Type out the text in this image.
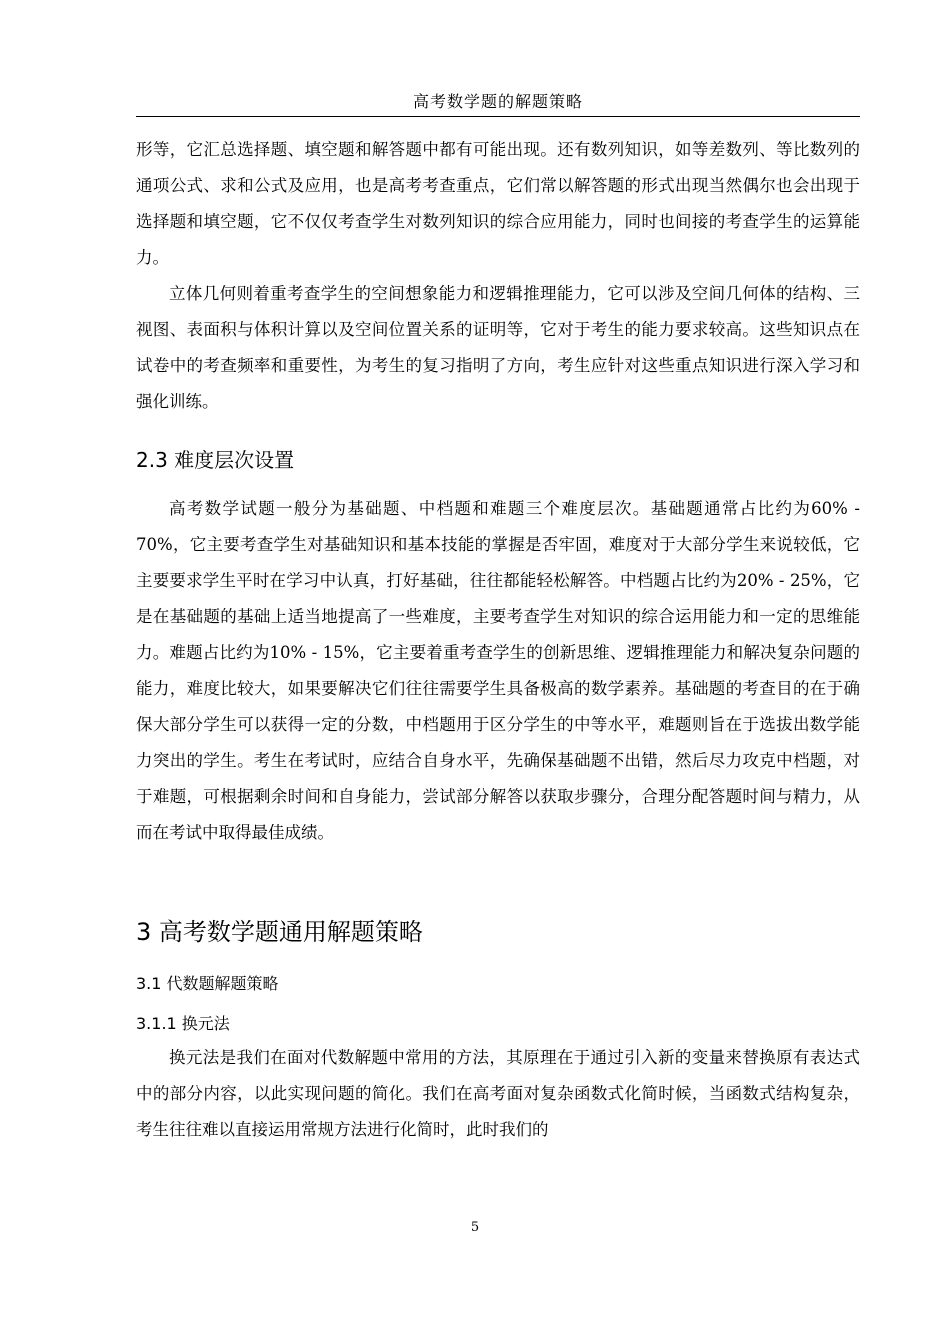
高考数学题的解题策略

形等，它汇总选择题、填空题和解答题中都有可能出现。还有数列知识，如等差数列、等比数列的通项公式、求和公式及应用，也是高考考查重点，它们常以解答题的形式出现当然偶尔也会出现于选择题和填空题，它不仅仅考查学生对数列知识的综合应用能力，同时也间接的考查学生的运算能力。

立体几何则着重考查学生的空间想象能力和逻辑推理能力，它可以涉及空间几何体的结构、三视图、表面积与体积计算以及空间位置关系的证明等，它对于考生的能力要求较高。这些知识点在试卷中的考查频率和重要性，为考生的复习指明了方向，考生应针对这些重点知识进行深入学习和强化训练。

2.3 难度层次设置

高考数学试题一般分为基础题、中档题和难题三个难度层次。基础题通常占比约为60% - 70%，它主要考查学生对基础知识和基本技能的掌握是否牢固，难度对于大部分学生来说较低，它主要要求学生平时在学习中认真，打好基础，往往都能轻松解答。中档题占比约为20% - 25%，它是在基础题的基础上适当地提高了一些难度，主要考查学生对知识的综合运用能力和一定的思维能力。难题占比约为10% - 15%，它主要着重考查学生的创新思维、逻辑推理能力和解决复杂问题的能力，难度比较大，如果要解决它们往往需要学生具备极高的数学素养。基础题的考查目的在于确保大部分学生可以获得一定的分数，中档题用于区分学生的中等水平，难题则旨在于选拔出数学能力突出的学生。考生在考试时，应结合自身水平，先确保基础题不出错，然后尽力攻克中档题，对于难题，可根据剩余时间和自身能力，尝试部分解答以获取步骤分，合理分配答题时间与精力，从而在考试中取得最佳成绩。

3 高考数学题通用解题策略
3.1 代数题解题策略
3.1.1 换元法

换元法是我们在面对代数解题中常用的方法，其原理在于通过引入新的变量来替换原有表达式中的部分内容，以此实现问题的简化。我们在高考面对复杂函数式化简时候，当函数式结构复杂，考生往往难以直接运用常规方法进行化简时，此时我们的

5
